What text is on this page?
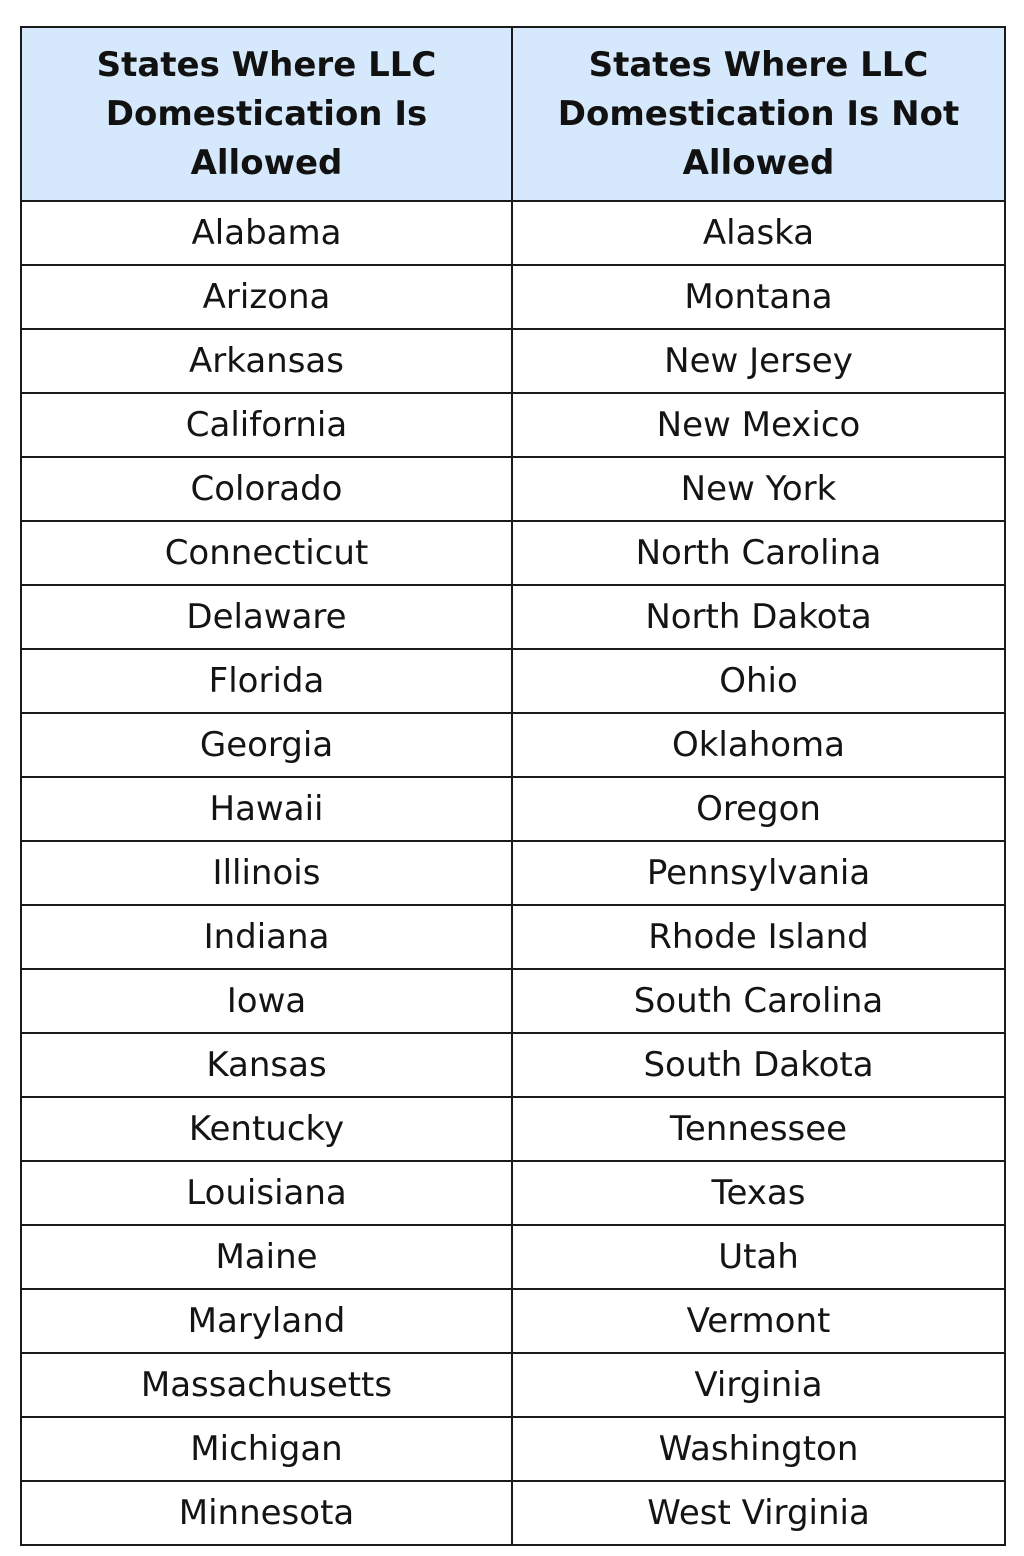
States Where LLC Domestication Is Allowed	States Where LLC Domestication Is Not Allowed
Alabama	Alaska
Arizona	Montana
Arkansas	New Jersey
California	New Mexico
Colorado	New York
Connecticut	North Carolina
Delaware	North Dakota
Florida	Ohio
Georgia	Oklahoma
Hawaii	Oregon
Illinois	Pennsylvania
Indiana	Rhode Island
Iowa	South Carolina
Kansas	South Dakota
Kentucky	Tennessee
Louisiana	Texas
Maine	Utah
Maryland	Vermont
Massachusetts	Virginia
Michigan	Washington
Minnesota	West Virginia
